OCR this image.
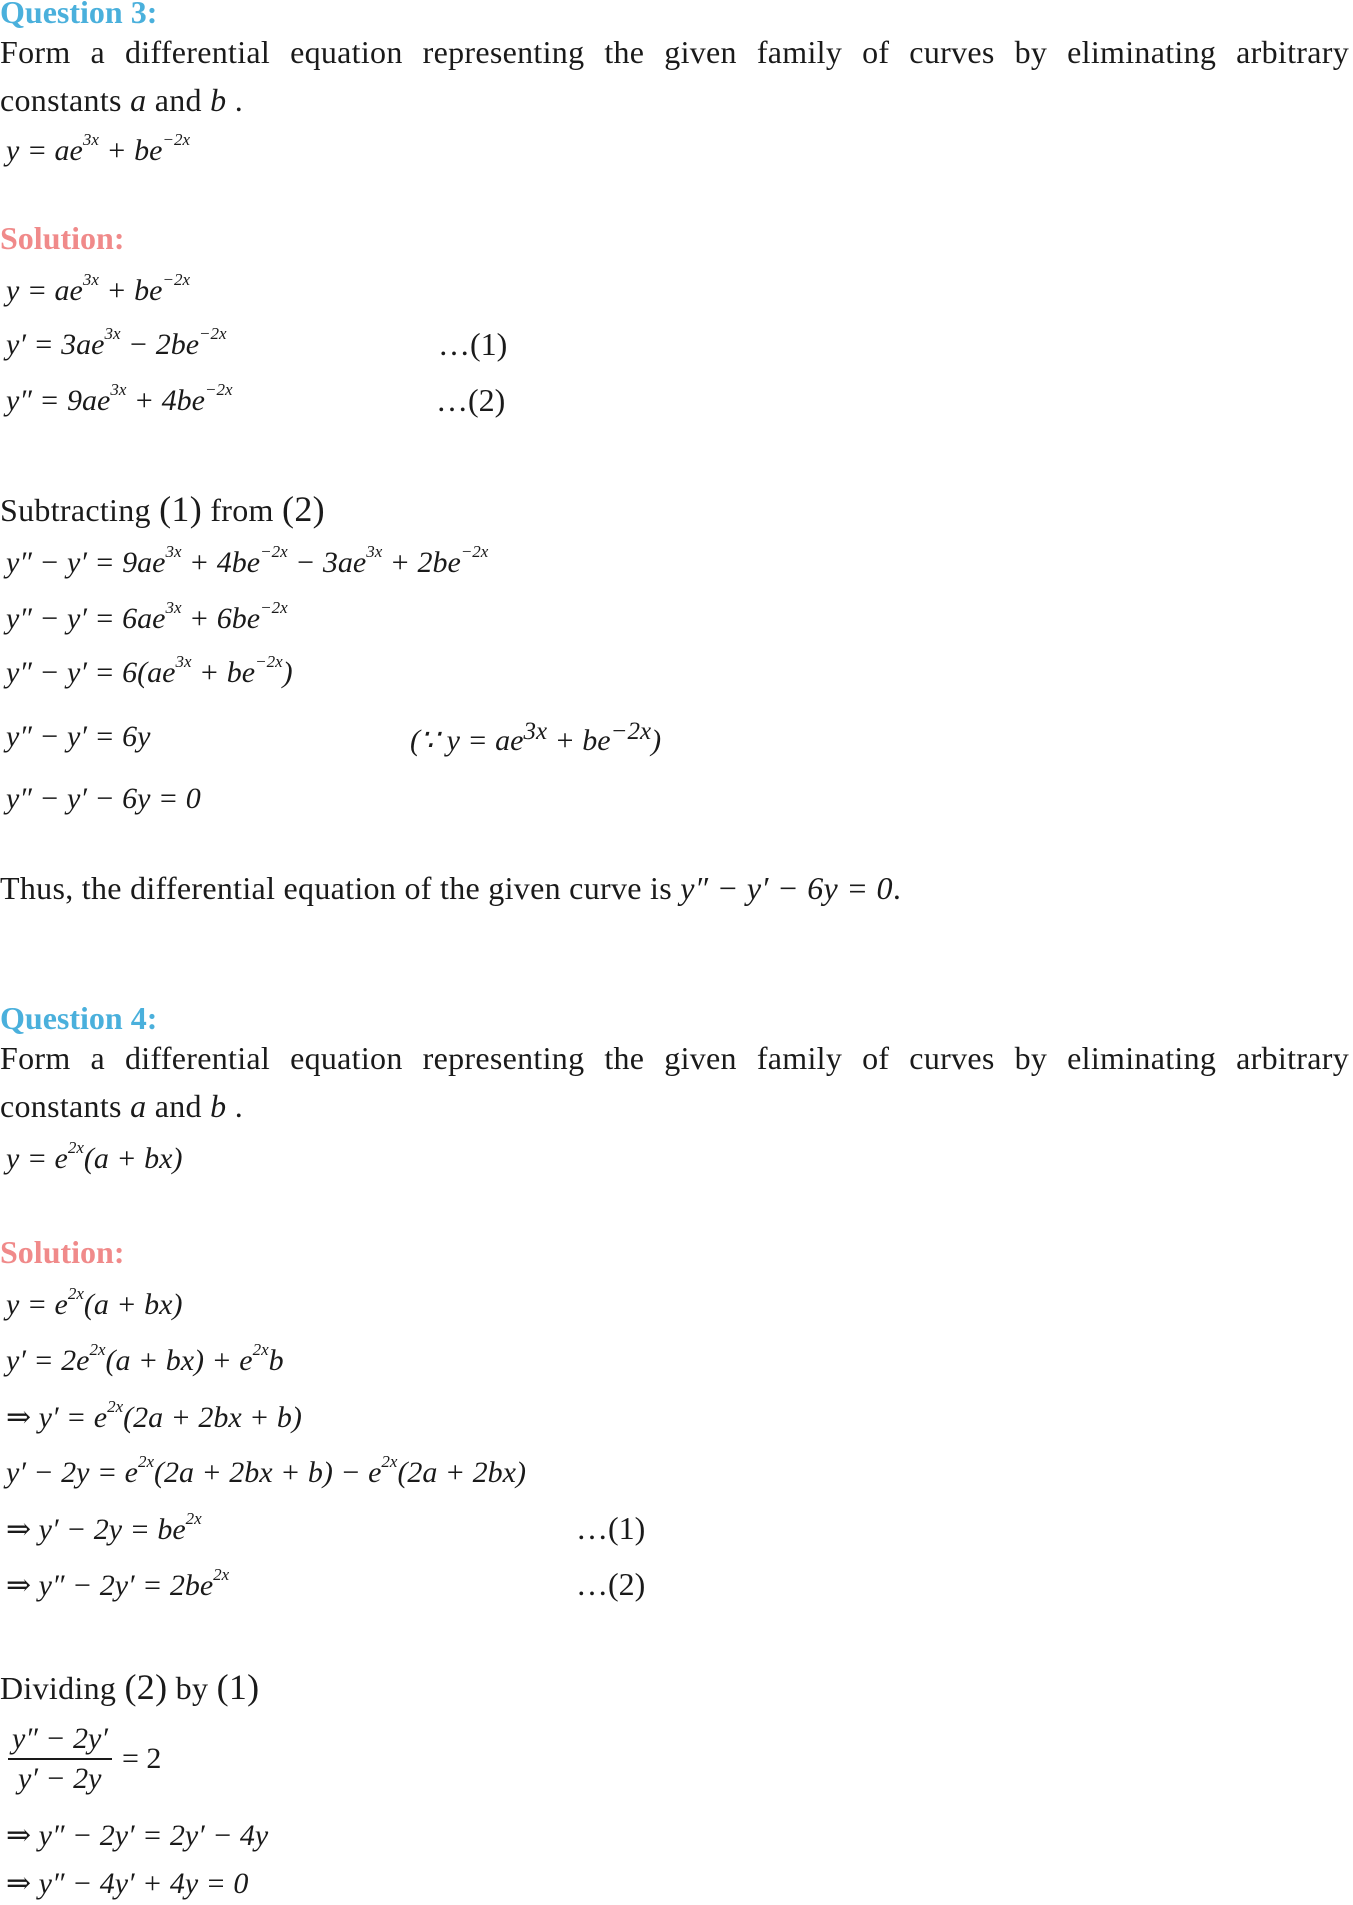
Question 3:
Form a differential equation representing the given family of curves by eliminating arbitrary
constants a and b .
$y = ae^{3x} + be^{-2x}$
Solution:
$y = ae^{3x} + be^{-2x}$
$y' = 3ae^{3x} - 2be^{-2x}$	…(1)
$y'' = 9ae^{3x} + 4be^{-2x}$	…(2)
Subtracting (1) from (2)
$y'' - y' = 9ae^{3x} + 4be^{-2x} - 3ae^{3x} + 2be^{-2x}$
$y'' - y' = 6ae^{3x} + 6be^{-2x}$
$y'' - y' = 6(ae^{3x} + be^{-2x})$
y″ − y′ = 6y	(∵ $y = ae^{3x} + be^{-2x}$)
y″ − y′ − 6y = 0
Thus, the differential equation of the given curve is y″ − y′ − 6y = 0.
Question 4:
Form a differential equation representing the given family of curves by eliminating arbitrary
constants a and b .
$y = e^{2x}(a + bx)$
Solution:
$y = e^{2x}(a + bx)$
$y' = 2e^{2x}(a + bx) + e^{2x}b$
⇒ $y' = e^{2x}(2a + 2bx + b)$
$y' - 2y = e^{2x}(2a + 2bx + b) - e^{2x}(2a + 2bx)$
⇒ $y' - 2y = be^{2x}$	…(1)
⇒ $y'' - 2y' = 2be^{2x}$	…(2)
Dividing (2) by (1)
$\frac{y'' - 2y'}{y' - 2y} = 2$
⇒ y″ − 2y′ = 2y′ − 4y
⇒ y″ − 4y′ + 4y = 0
